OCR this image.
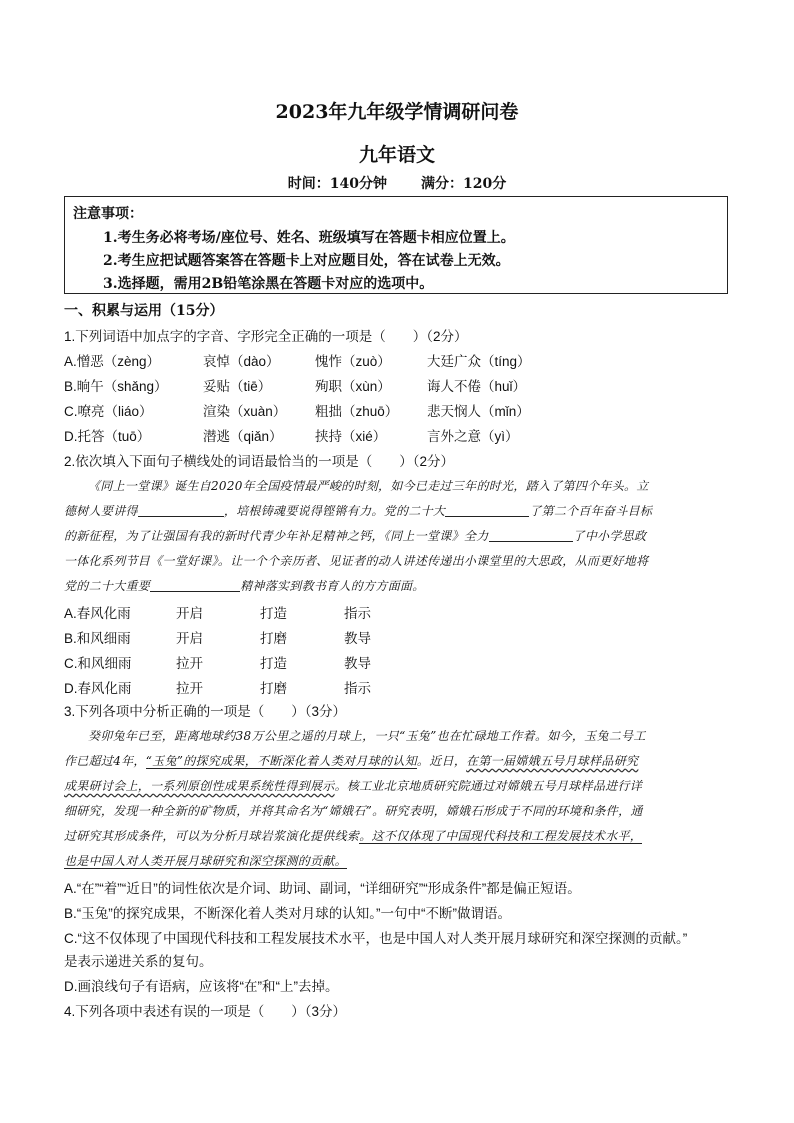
2023年九年级学情调研问卷
九年语文
时间：140分钟 满分：120分
注意事项：
1.考生务必将考场/座位号、姓名、班级填写在答题卡相应位置上。
2.考生应把试题答案答在答题卡上对应题目处，答在试卷上无效。
3.选择题，需用2B铅笔涂黑在答题卡对应的选项中。
一、积累与运用（15分）
1.下列词语中加点字的字音、字形完全正确的一项是（　　）（2分）
A.憎恶（zèng）	哀悼（dào）	愧怍（zuò）	大廷广众（tíng）
B.晌午（shǎng）	妥贴（tiē）	殉职（xùn）	诲人不倦（huǐ）
C.嘹亮（liáo）	渲染（xuàn） 粗拙（zhuō） 悲天悯人（mǐn）
D.托答（tuō）	潜逃（qiǎn） 挟持（xié）	言外之意（yì）
2.依次填入下面句子横线处的词语最恰当的一项是（　　）（2分）
《同上一堂课》诞生自2020年全国疫情最严峻的时刻，如今已走过三年的时光，踏入了第四个年头。立
德树人要讲得	，培根铸魂要说得铿锵有力。党的二十大	了第二个百年奋斗目标
的新征程，为了让强国有我的新时代青少年补足精神之钙，《同上一堂课》全力	了中小学思政
一体化系列节目《一堂好课》。让一个个亲历者、见证者的动人讲述传递出小课堂里的大思政，从而更好地将
党的二十大重要	精神落实到教书育人的方方面面。
A.春风化雨	开启	打造	指示
B.和风细雨	开启	打磨	教导
C.和风细雨	拉开	打造	教导
D.春风化雨	拉开	打磨	指示
3.下列各项中分析正确的一项是（　　）（3分）
癸卯兔年已至，距离地球约38万公里之遥的月球上，一只“玉兔”也在忙碌地工作着。如今，玉兔二号工
作已超过4年，“玉兔”的探究成果，不断深化着人类对月球的认知。近日，在第一届嫦娥五号月球样品研究
成果研讨会上，一系列原创性成果系统性得到展示。核工业北京地质研究院通过对嫦娥五号月球样品进行详
细研究，发现一种全新的矿物质，并将其命名为“嫦娥石”。研究表明，嫦娥石形成于不同的环境和条件，通
过研究其形成条件，可以为分析月球岩浆演化提供线索。这不仅体现了中国现代科技和工程发展技术水平，
也是中国人对人类开展月球研究和深空探测的贡献。
A.“在”“着”“近日”的词性依次是介词、助词、副词，“详细研究”“形成条件”都是偏正短语。
B.“玉兔”的探究成果，不断深化着人类对月球的认知。”一句中“不断”做谓语。
C.“这不仅体现了中国现代科技和工程发展技术水平，也是中国人对人类开展月球研究和深空探测的贡献。”
是表示递进关系的复句。
D.画浪线句子有语病，应该将“在”和“上”去掉。
4.下列各项中表述有误的一项是（　　）（3分）
